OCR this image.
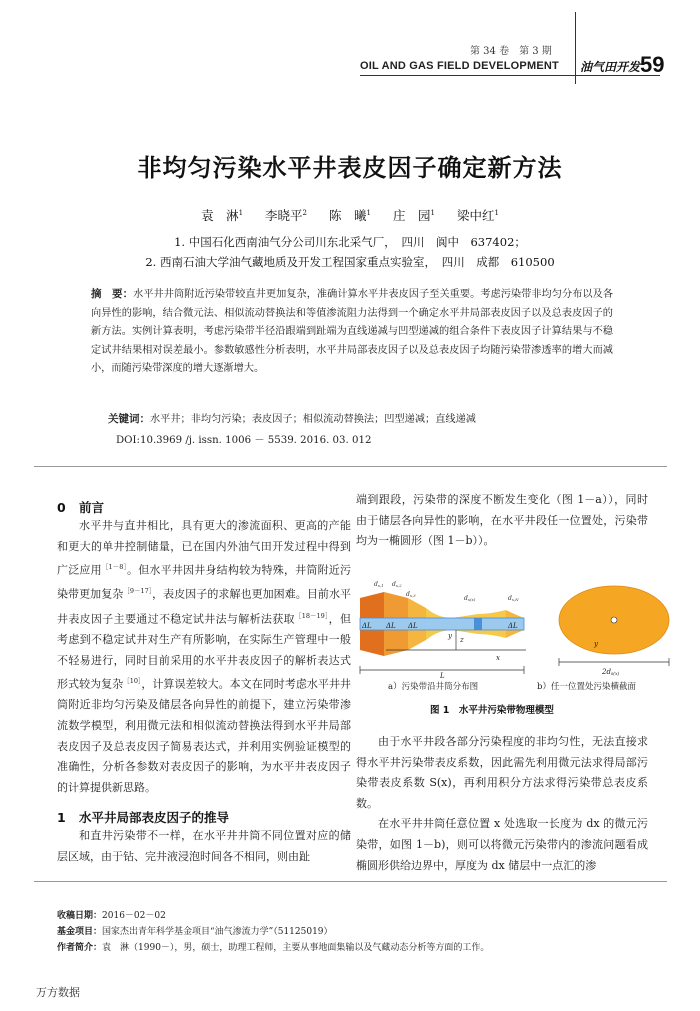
第 34 卷　第 3 期
OIL AND GAS FIELD DEVELOPMENT 油气田开发 59
非均匀污染水平井表皮因子确定新方法
袁　淋$^1$ 李晓平$^2$ 陈　曦$^1$ 庄　园$^1$ 梁中红$^1$
1. 中国石化西南油气分公司川东北采气厂，　四川　阆中　637402；
2. 西南石油大学油气藏地质及开发工程国家重点实验室，　四川　成都　610500
摘　要：水平井井筒附近污染带较直井更加复杂，准确计算水平井表皮因子至关重要。考虑污染带非均匀分布以及各向异性的影响，结合微元法、相似流动替换法和等值渗流阻力法得到一个确定水平井局部表皮因子以及总表皮因子的新方法。实例计算表明，考虑污染带半径沿跟端到趾端为直线递减与凹型递减的组合条件下表皮因子计算结果与不稳定试井结果相对误差最小。参数敏感性分析表明，水平井局部表皮因子以及总表皮因子均随污染带渗透率的增大而减小，而随污染带深度的增大逐渐增大。
关键词：水平井；非均匀污染；表皮因子；相似流动替换法；凹型递减；直线递减
DOI:10.3969 /j. issn. 1006 － 5539. 2016. 03. 012
0 前言

水平井与直井相比，具有更大的渗流面积、更高的产能和更大的单井控制储量，已在国内外油气田开发过程中得到广泛应用$^{[1-8]}$。但水平井因井身结构较为特殊，井筒附近污染带更加复杂$^{[9-17]}$，表皮因子的求解也更加困难。目前水平井表皮因子主要通过不稳定试井法与解析法获取$^{[18-19]}$，但考虑到不稳定试井对生产有所影响，在实际生产管理中一般不轻易进行，同时目前采用的水平井表皮因子的解析表达式形式较为复杂$^{[10]}$，计算误差较大。本文在同时考虑水平井井筒附近非均匀污染及储层各向异性的前提下，建立污染带渗流数学模型，利用微元法和相似流动替换法得到水平井局部表皮因子及总表皮因子简易表达式，并利用实例验证模型的准确性，分析各参数对表皮因子的影响，为水平井表皮因子的计算提供新思路。

1 水平井局部表皮因子的推导

和直井污染带不一样，在水平井井筒不同位置对应的储层区域，由于钻、完井液浸泡时间各不相同，则由趾

端到跟段，污染带的深度不断发生变化（图 1－a）），同时由于储层各向异性的影响，在水平井段任一位置处，污染带均为一椭圆形（图 1－b））。

ds,1 ds,2
ds,3	ds(x)	ds,N
ΔL ΔL ΔL	ΔL
L
x
y z
2ds(x)
y
a）污染带沿井筒分布图	b）任一位置处污染横截面
图 1　水平井污染带物理模型

由于水平井段各部分污染程度的非均匀性，无法直接求得水平井污染带表皮系数，因此需先利用微元法求得局部污染带表皮系数 S(x)，再利用积分方法求得污染带总表皮系数。

在水平井井筒任意位置 x 处选取一长度为 dx 的微元污染带，如图 1－b)，则可以将微元污染带内的渗流问题看成椭圆形供给边界中，厚度为 dx 储层中一点汇的渗

收稿日期：2016－02－02
基金项目：国家杰出青年科学基金项目“油气渗流力学”（51125019）
作者简介：袁　淋（1990－），男，硕士，助理工程师，主要从事地面集输以及气藏动态分析等方面的工作。
万方数据
